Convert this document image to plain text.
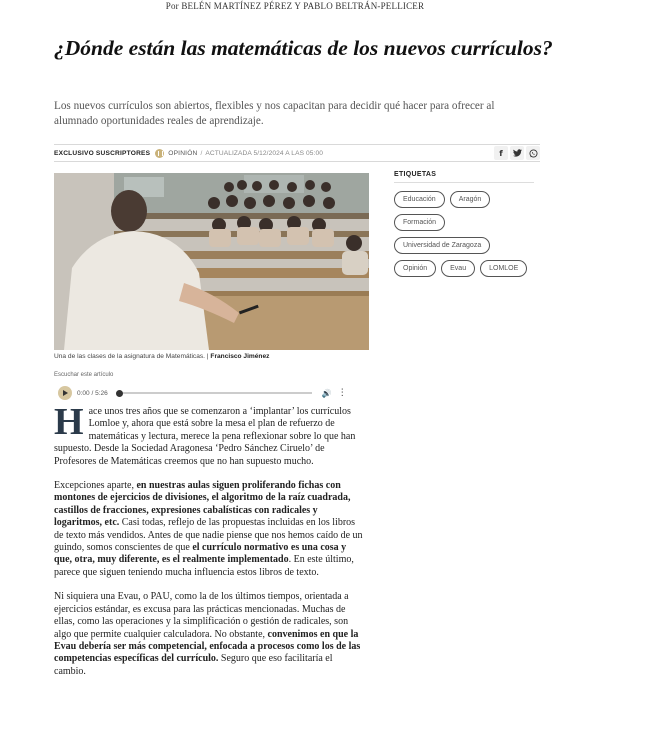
Por BELÉN MARTÍNEZ PÉREZ Y PABLO BELTRÁN-PELLICER
¿Dónde están las matemáticas de los nuevos currículos?

Los nuevos currículos son abiertos, flexibles y nos capacitan para decidir qué hacer para ofrecer al alumnado oportunidades reales de aprendizaje.

EXCLUSIVO SUSCRIPTORES	OPINIÓN / ACTUALIZADA 5/12/2024 A LAS 05:00	f
Una de las clases de la asignatura de Matemáticas. | Francisco Jiménez
Escuchar este artículo
0:00 / 5:26	🔊 ⋮

Hace unos tres años que se comenzaron a ‘implantar’ los currículos Lomloe y, ahora que está sobre la mesa el plan de refuerzo de matemáticas y lectura, merece la pena reflexionar sobre lo que han supuesto. Desde la Sociedad Aragonesa ‘Pedro Sánchez Ciruelo’ de Profesores de Matemáticas creemos que no han supuesto mucho.

Excepciones aparte, en nuestras aulas siguen proliferando fichas con montones de ejercicios de divisiones, el algoritmo de la raíz cuadrada, castillos de fracciones, expresiones cabalísticas con radicales y logaritmos, etc. Casi todas, reflejo de las propuestas incluidas en los libros de texto más vendidos. Antes de que nadie piense que nos hemos caído de un guindo, somos conscientes de que el currículo normativo es una cosa y que, otra, muy diferente, es el realmente implementado. En este último, parece que siguen teniendo mucha influencia estos libros de texto.

Ni siquiera una Evau, o PAU, como la de los últimos tiempos, orientada a ejercicios estándar, es excusa para las prácticas mencionadas. Muchas de ellas, como las operaciones y la simplificación o gestión de radicales, son algo que permite cualquier calculadora. No obstante, convenimos en que la Evau debería ser más competencial, enfocada a procesos como los de las competencias específicas del currículo. Seguro que eso facilitaría el cambio.

ETIQUETAS
Educación	Aragón
Formación
Universidad de Zaragoza
Opinión	Evau	LOMLOE
